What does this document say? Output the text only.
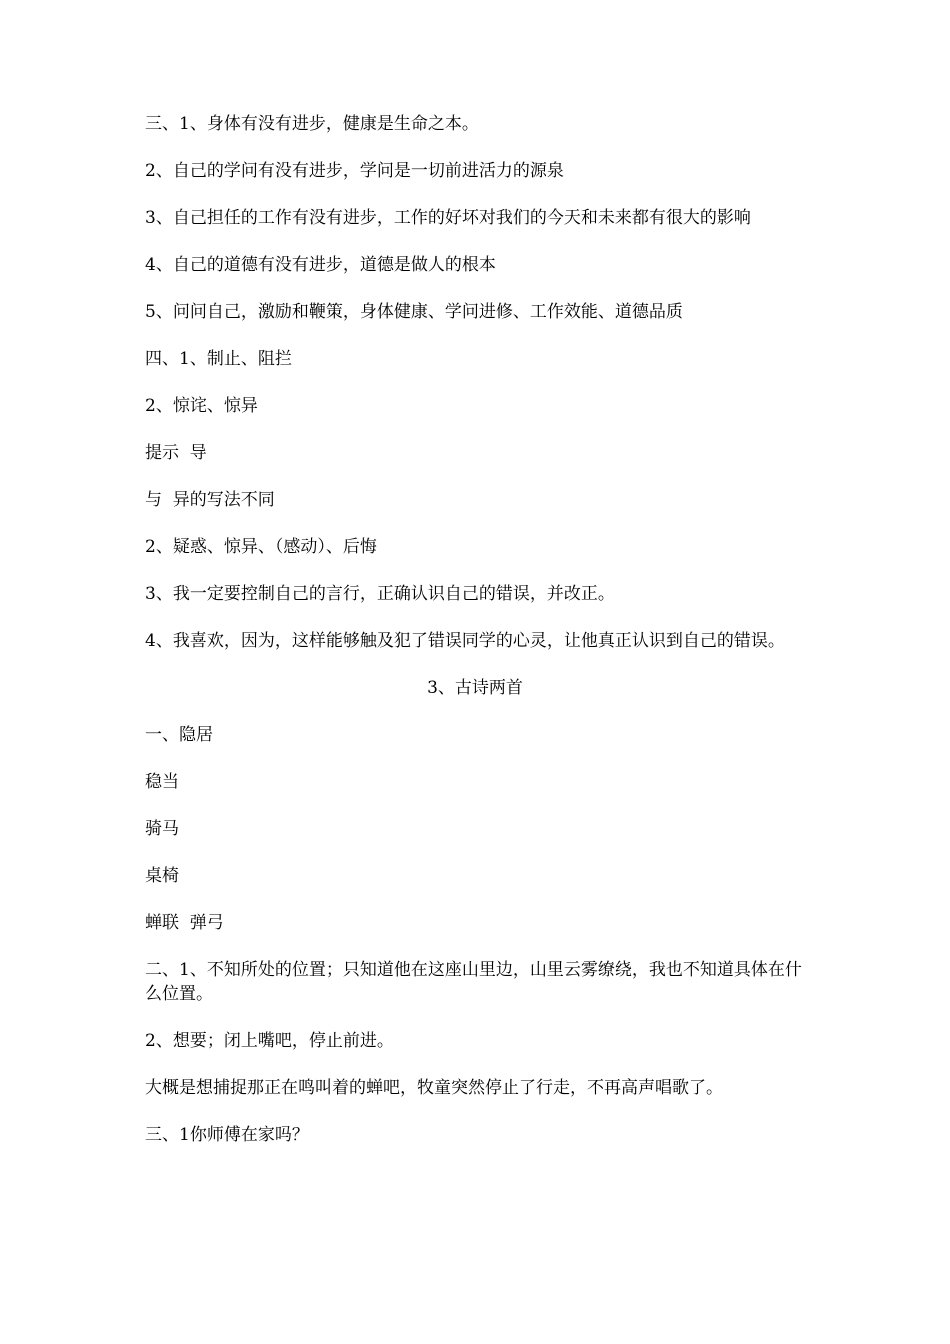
三、1、身体有没有进步，健康是生命之本。

2、自己的学问有没有进步，学问是一切前进活力的源泉

3、自己担任的工作有没有进步，工作的好坏对我们的今天和未来都有很大的影响

4、自己的道德有没有进步，道德是做人的根本

5、问问自己，激励和鞭策，身体健康、学问进修、工作效能、道德品质

四、1、制止、阻拦

2、惊诧、惊异

提示  导

与  异的写法不同

2、疑惑、惊异、（感动）、后悔

3、我一定要控制自己的言行，正确认识自己的错误，并改正。

4、我喜欢，因为，这样能够触及犯了错误同学的心灵，让他真正认识到自己的错误。

3、古诗两首

一、隐居

稳当

骑马

桌椅

蝉联  弹弓

二、1、不知所处的位置；只知道他在这座山里边，山里云雾缭绕，我也不知道具体在什么位置。

2、想要；闭上嘴吧，停止前进。

大概是想捕捉那正在鸣叫着的蝉吧，牧童突然停止了行走，不再高声唱歌了。

三、1你师傅在家吗？
